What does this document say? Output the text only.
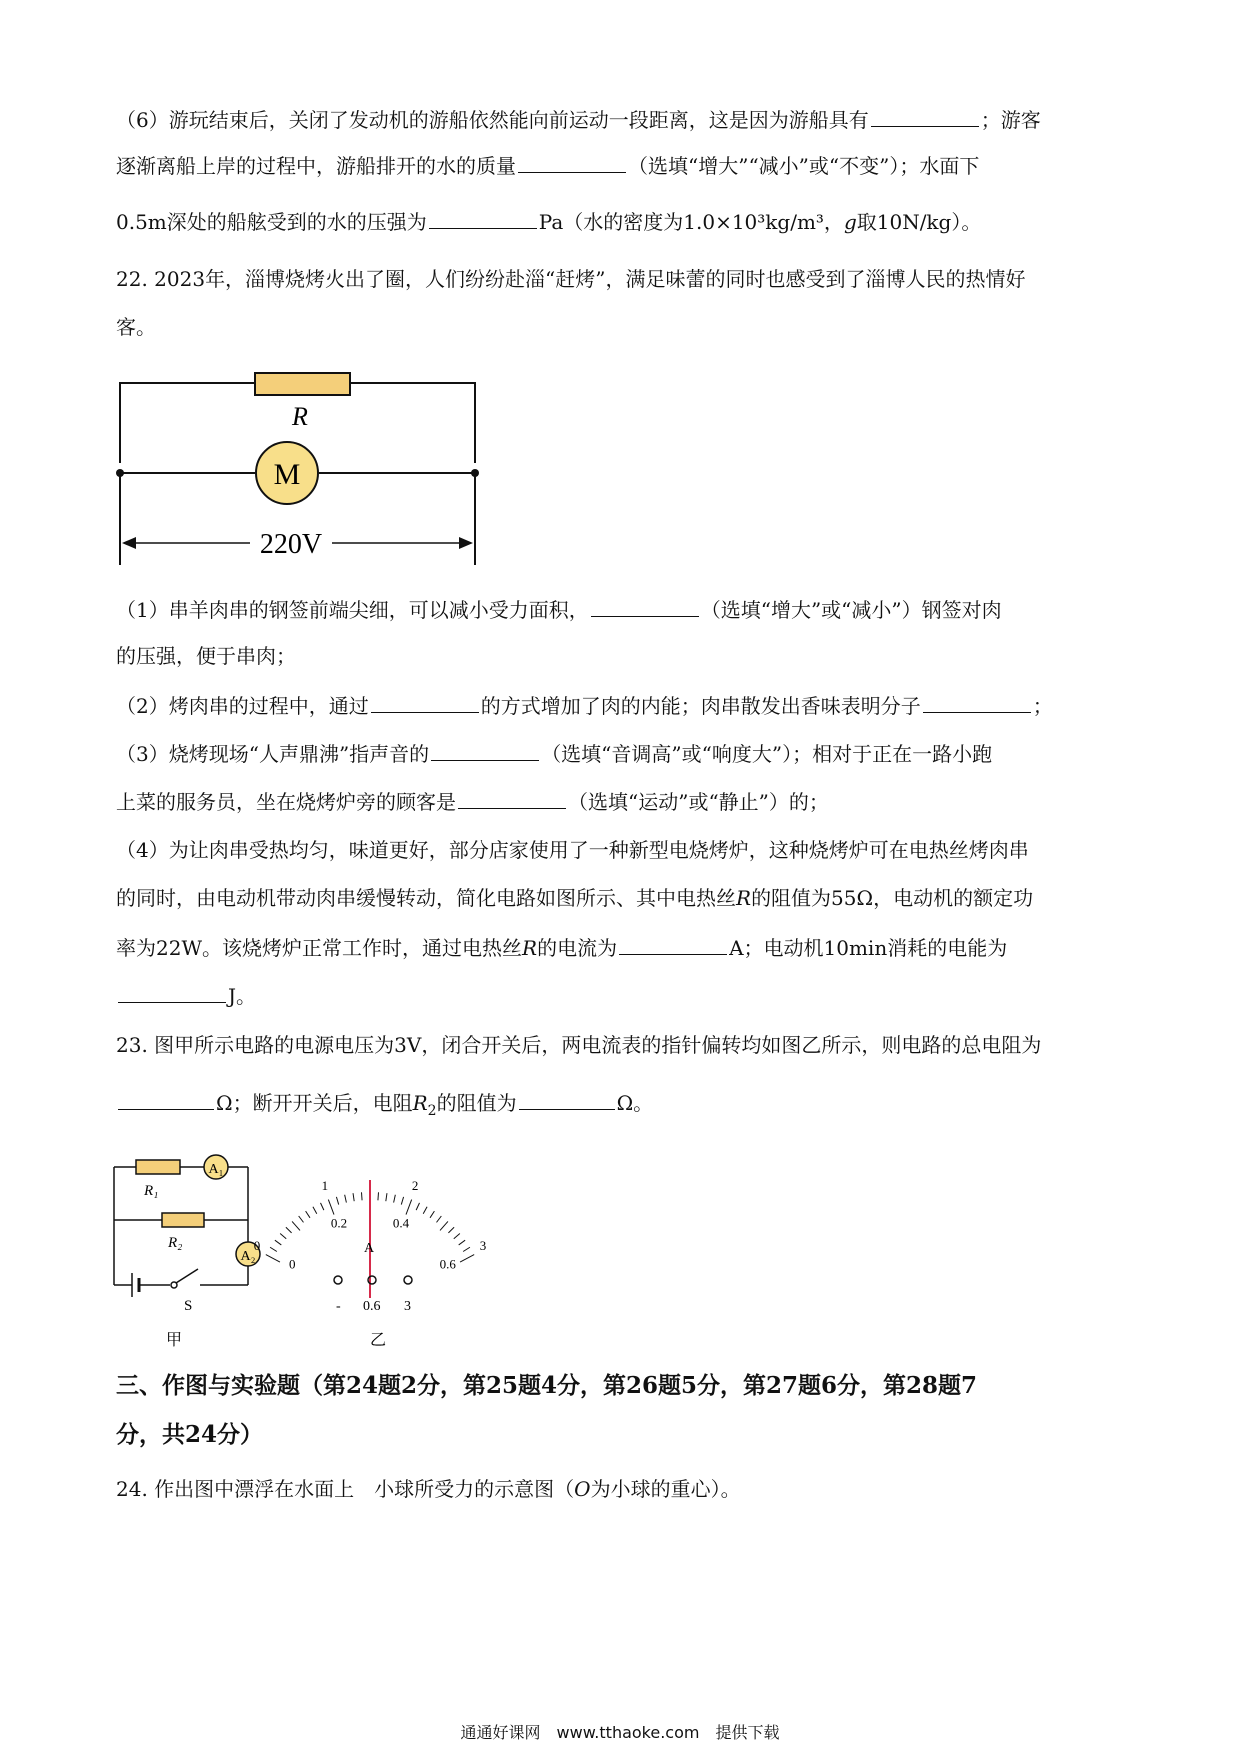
（6）游玩结束后，关闭了发动机的游船依然能向前运动一段距离，这是因为游船具有	；游客
逐渐离船上岸的过程中，游船排开的水的质量	（选填“增大”“减小”或“不变”）；水面下
0.5m深处的船舷受到的水的压强为	Pa（水的密度为1.0×10³kg/m³，g取10N/kg）。
22. 2023年，淄博烧烤火出了圈，人们纷纷赴淄“赶烤”，满足味蕾的同时也感受到了淄博人民的热情好
客。
R
M
220V
（1）串羊肉串的钢签前端尖细，可以减小受力面积，	（选填“增大”或“减小”）钢签对肉
的压强，便于串肉；
（2）烤肉串的过程中，通过	的方式增加了肉的内能；肉串散发出香味表明分子	；
（3）烧烤现场“人声鼎沸”指声音的	（选填“音调高”或“响度大”）；相对于正在一路小跑
上菜的服务员，坐在烧烤炉旁的顾客是	（选填“运动”或“静止”）的；
（4）为让肉串受热均匀，味道更好，部分店家使用了一种新型电烧烤炉，这种烧烤炉可在电热丝烤肉串
的同时，由电动机带动肉串缓慢转动，简化电路如图所示、其中电热丝R的阻值为55Ω，电动机的额定功
率为22W。该烧烤炉正常工作时，通过电热丝R的电流为	A；电动机10min消耗的电能为
J。
23. 图甲所示电路的电源电压为3V，闭合开关后，两电流表的指针偏转均如图乙所示，则电路的总电阻为
Ω；断开开关后，电阻$R_2$的阻值为	Ω。
A₁
R₁
R₂
A₂
S
甲
0
1	2
3
0
0.2	0.4
0.6
A
- 0.6 3
乙
三、作图与实验题（第24题2分，第25题4分，第26题5分，第27题6分，第28题7
分，共24分）
24. 作出图中漂浮在水面上　小球所受力的示意图（O为小球的重心）。
通通好课网　www.tthaoke.com　提供下载
